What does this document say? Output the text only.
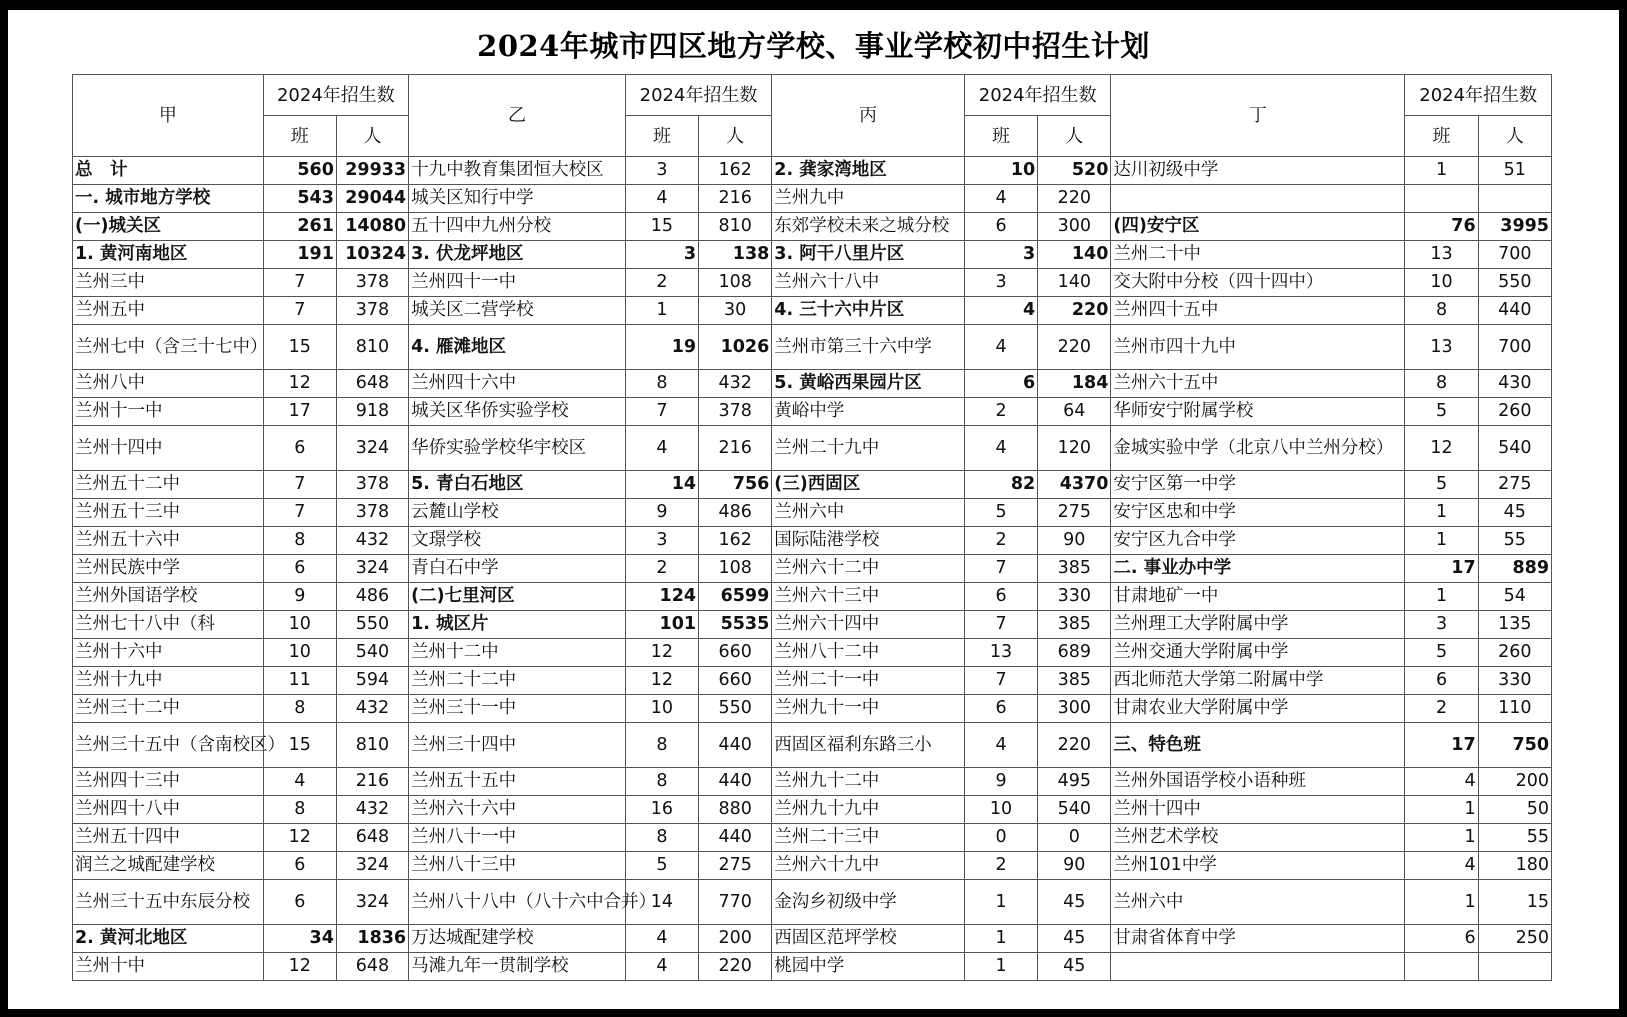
2024年城市四区地方学校、事业学校初中招生计划
甲	2024年招生数		乙	2024年招生数		丙	2024年招生数		丁	2024年招生数	
	班	人		班	人		班	人		班	人
总　计	560	29933	十九中教育集团恒大校区	3	162	2. 龚家湾地区	10	520	达川初级中学	1	51
一. 城市地方学校	543	29044	城关区知行中学	4	216	兰州九中	4	220			
(一)城关区	261	14080	五十四中九州分校	15	810	东郊学校未来之城分校	6	300	(四)安宁区	76	3995
1. 黄河南地区	191	10324	3. 伏龙坪地区	3	138	3. 阿干八里片区	3	140	兰州二十中	13	700
兰州三中	7	378	兰州四十一中	2	108	兰州六十八中	3	140	交大附中分校（四十四中）	10	550
兰州五中	7	378	城关区二营学校	1	30	4. 三十六中片区	4	220	兰州四十五中	8	440
兰州七中（含三十七中）	15	810	4. 雁滩地区	19	1026	兰州市第三十六中学	4	220	兰州市四十九中	13	700
兰州八中	12	648	兰州四十六中	8	432	5. 黄峪西果园片区	6	184	兰州六十五中	8	430
兰州十一中	17	918	城关区华侨实验学校	7	378	黄峪中学	2	64	华师安宁附属学校	5	260
兰州十四中	6	324	华侨实验学校华宇校区	4	216	兰州二十九中	4	120	金城实验中学（北京八中兰州分校）	12	540
兰州五十二中	7	378	5. 青白石地区	14	756	(三)西固区	82	4370	安宁区第一中学	5	275
兰州五十三中	7	378	云麓山学校	9	486	兰州六中	5	275	安宁区忠和中学	1	45
兰州五十六中	8	432	文璟学校	3	162	国际陆港学校	2	90	安宁区九合中学	1	55
兰州民族中学	6	324	青白石中学	2	108	兰州六十二中	7	385	二. 事业办中学	17	889
兰州外国语学校	9	486	(二)七里河区	124	6599	兰州六十三中	6	330	甘肃地矿一中	1	54
兰州七十八中（科	10	550	1. 城区片	101	5535	兰州六十四中	7	385	兰州理工大学附属中学	3	135
兰州十六中	10	540	兰州十二中	12	660	兰州八十二中	13	689	兰州交通大学附属中学	5	260
兰州十九中	11	594	兰州二十二中	12	660	兰州二十一中	7	385	西北师范大学第二附属中学	6	330
兰州三十二中	8	432	兰州三十一中	10	550	兰州九十一中	6	300	甘肃农业大学附属中学	2	110
兰州三十五中（含南校区）	15	810	兰州三十四中	8	440	西固区福利东路三小	4	220	三、特色班	17	750
兰州四十三中	4	216	兰州五十五中	8	440	兰州九十二中	9	495	兰州外国语学校小语种班	4	200
兰州四十八中	8	432	兰州六十六中	16	880	兰州九十九中	10	540	兰州十四中	1	50
兰州五十四中	12	648	兰州八十一中	8	440	兰州二十三中	0	0	兰州艺术学校	1	55
润兰之城配建学校	6	324	兰州八十三中	5	275	兰州六十九中	2	90	兰州101中学	4	180
兰州三十五中东辰分校	6	324	兰州八十八中（八十六中合并）	14	770	金沟乡初级中学	1	45	兰州六中	1	15
2. 黄河北地区	34	1836	万达城配建学校	4	200	西固区范坪学校	1	45	甘肃省体育中学	6	250
兰州十中	12	648	马滩九年一贯制学校	4	220	桃园中学	1	45			
